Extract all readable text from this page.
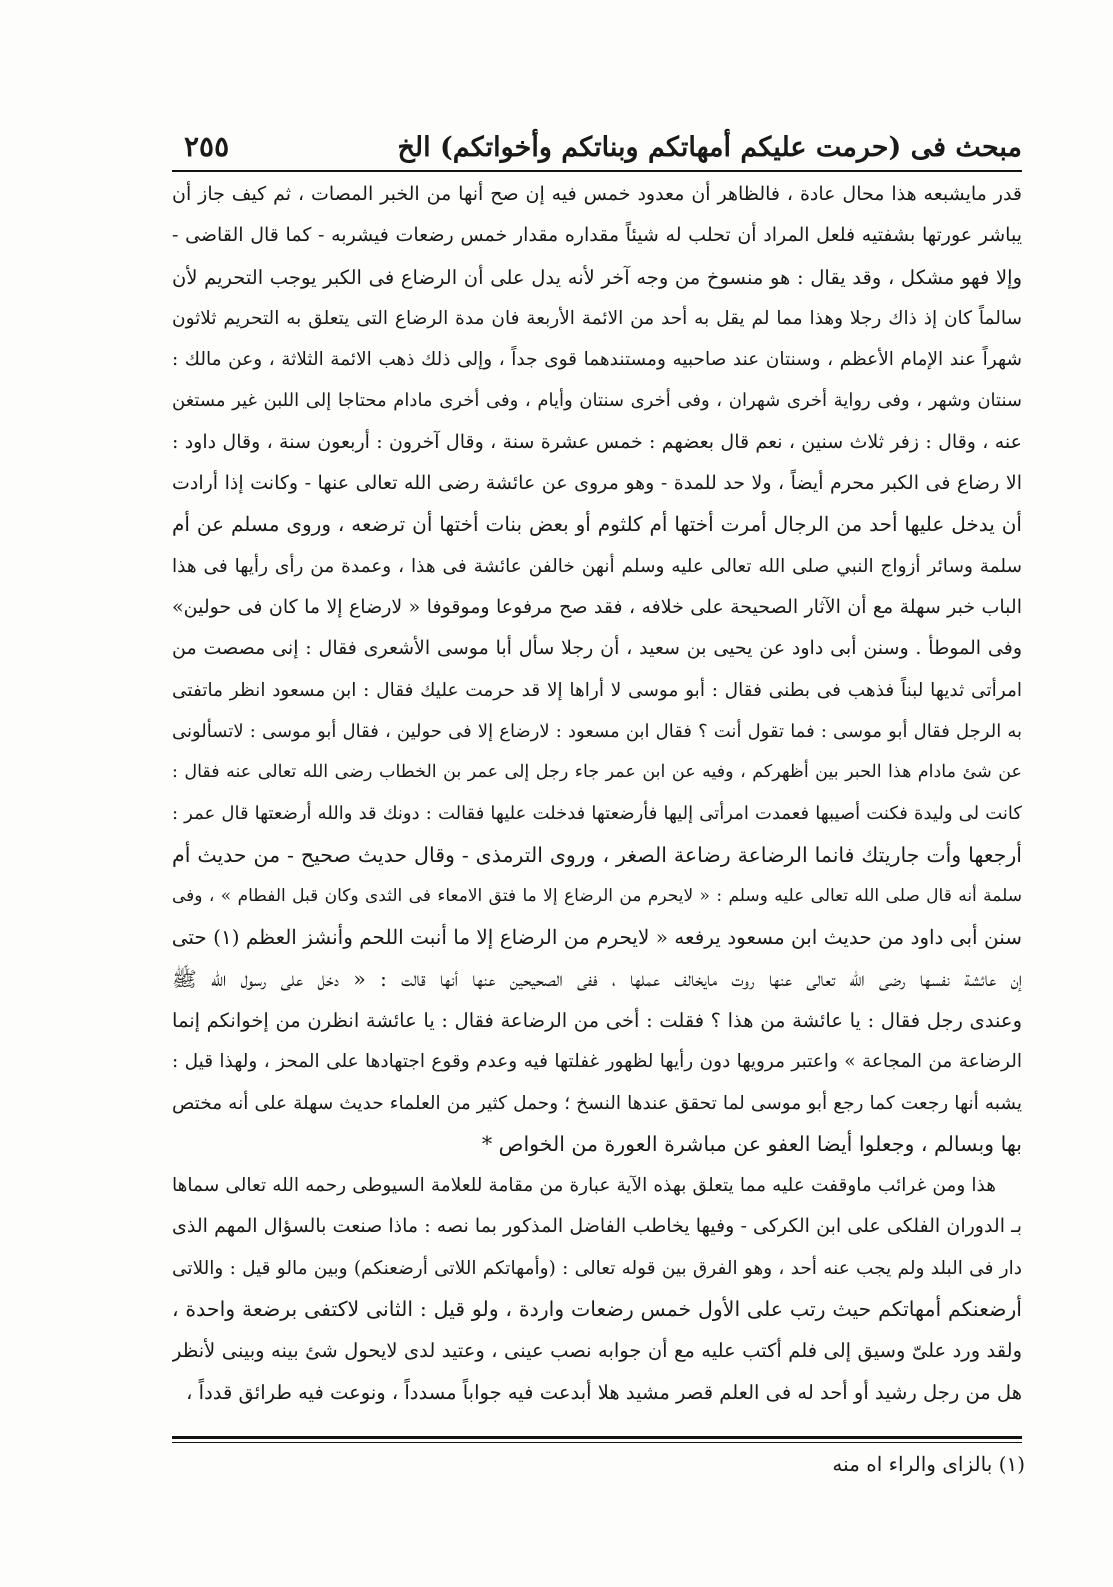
مبحث فى (حرمت عليكم أمهاتكم وبناتكم وأخواتكم) الخ
٢٥٥
قدر مايشبعه هذا محال عادة ، فالظاهر أن معدود خمس فيه إن صح أنها من الخبر المصات ، ثم كيف جاز أن
يباشر عورتها بشفتيه فلعل المراد أن تحلب له شيئاً مقداره مقدار خمس رضعات فيشربه - كما قال القاضى -
وإلا فهو مشكل ، وقد يقال : هو منسوخ من وجه آخر لأنه يدل على أن الرضاع فى الكبر يوجب التحريم لأن
سالماً كان إذ ذاك رجلا وهذا مما لم يقل به أحد من الائمة الأربعة فان مدة الرضاع التى يتعلق به التحريم ثلاثون
شهراً عند الإمام الأعظم ، وسنتان عند صاحبيه ومستندهما قوى جداً ، وإلى ذلك ذهب الائمة الثلاثة ، وعن مالك :
سنتان وشهر ، وفى رواية أخرى شهران ، وفى أخرى سنتان وأيام ، وفى أخرى مادام محتاجا إلى اللبن غير مستغن
عنه ، وقال : زفر ثلاث سنين ، نعم قال بعضهم : خمس عشرة سنة ، وقال آخرون : أربعون سنة ، وقال داود :
الا رضاع فى الكبر محرم أيضاً ، ولا حد للمدة - وهو مروى عن عائشة رضى الله تعالى عنها - وكانت إذا أرادت
أن يدخل عليها أحد من الرجال أمرت أختها أم كلثوم أو بعض بنات أختها أن ترضعه ، وروى مسلم عن أم
سلمة وسائر أزواج النبي صلى الله تعالى عليه وسلم أنهن خالفن عائشة فى هذا ، وعمدة من رأى رأيها فى هذا
الباب خبر سهلة مع أن الآثار الصحيحة على خلافه ، فقد صح مرفوعا وموقوفا « لارضاع إلا ما كان فى حولين»
وفى الموطأ . وسنن أبى داود عن يحيى بن سعيد ، أن رجلا سأل أبا موسى الأشعرى فقال : إنى مصصت من
امرأتى ثديها لبناً فذهب فى بطنى فقال : أبو موسى لا أراها إلا قد حرمت عليك فقال : ابن مسعود انظر ماتفتى
به الرجل فقال أبو موسى : فما تقول أنت ؟ فقال ابن مسعود : لارضاع إلا فى حولين ، فقال أبو موسى : لاتسألونى
عن شئ مادام هذا الحبر بين أظهركم ، وفيه عن ابن عمر جاء رجل إلى عمر بن الخطاب رضى الله تعالى عنه فقال :
كانت لى وليدة فكنت أصيبها فعمدت امرأتى إليها فأرضعتها فدخلت عليها فقالت : دونك قد والله أرضعتها قال عمر :
أرجعها وأت جاريتك فانما الرضاعة رضاعة الصغر ، وروى الترمذى - وقال حديث صحيح - من حديث أم
سلمة أنه قال صلى الله تعالى عليه وسلم : « لايحرم من الرضاع إلا ما فتق الامعاء فى الثدى وكان قبل الفطام » ، وفى
سنن أبى داود من حديث ابن مسعود يرفعه « لايحرم من الرضاع إلا ما أنبت اللحم وأنشز العظم (١) حتى
إن عائشة نفسها رضى الله تعالى عنها روت مايخالف عملها ، ففى الصحيحين عنها أنها قالت : « دخل على رسول الله ﷺ
وعندى رجل فقال : يا عائشة من هذا ؟ فقلت : أخى من الرضاعة فقال : يا عائشة انظرن من إخوانكم إنما
الرضاعة من المجاعة » واعتبر مرويها دون رأيها لظهور غفلتها فيه وعدم وقوع اجتهادها على المحز ، ولهذا قيل :
يشبه أنها رجعت كما رجع أبو موسى لما تحقق عندها النسخ ؛ وحمل كثير من العلماء حديث سهلة على أنه مختص
بها وبسالم ، وجعلوا أيضا العفو عن مباشرة العورة من الخواص *
هذا ومن غرائب ماوقفت عليه مما يتعلق بهذه الآية عبارة من مقامة للعلامة السيوطى رحمه الله تعالى سماها
بـ الدوران الفلكى على ابن الكركى - وفيها يخاطب الفاضل المذكور بما نصه : ماذا صنعت بالسؤال المهم الذى
دار فى البلد ولم يجب عنه أحد ، وهو الفرق بين قوله تعالى : (وأمهاتكم اللاتى أرضعنكم) وبين مالو قيل : واللاتى
أرضعنكم أمهاتكم حيث رتب على الأول خمس رضعات واردة ، ولو قيل : الثانى لاكتفى برضعة واحدة ،
ولقد ورد علىّ وسيق إلى فلم أكتب عليه مع أن جوابه نصب عينى ، وعتيد لدى لايحول شئ بينه وبينى لأنظر
هل من رجل رشيد أو أحد له فى العلم قصر مشيد هلا أبدعت فيه جواباً مسدداً ، ونوعت فيه طرائق قدداً ،
(١) بالزاى والراء اه منه
